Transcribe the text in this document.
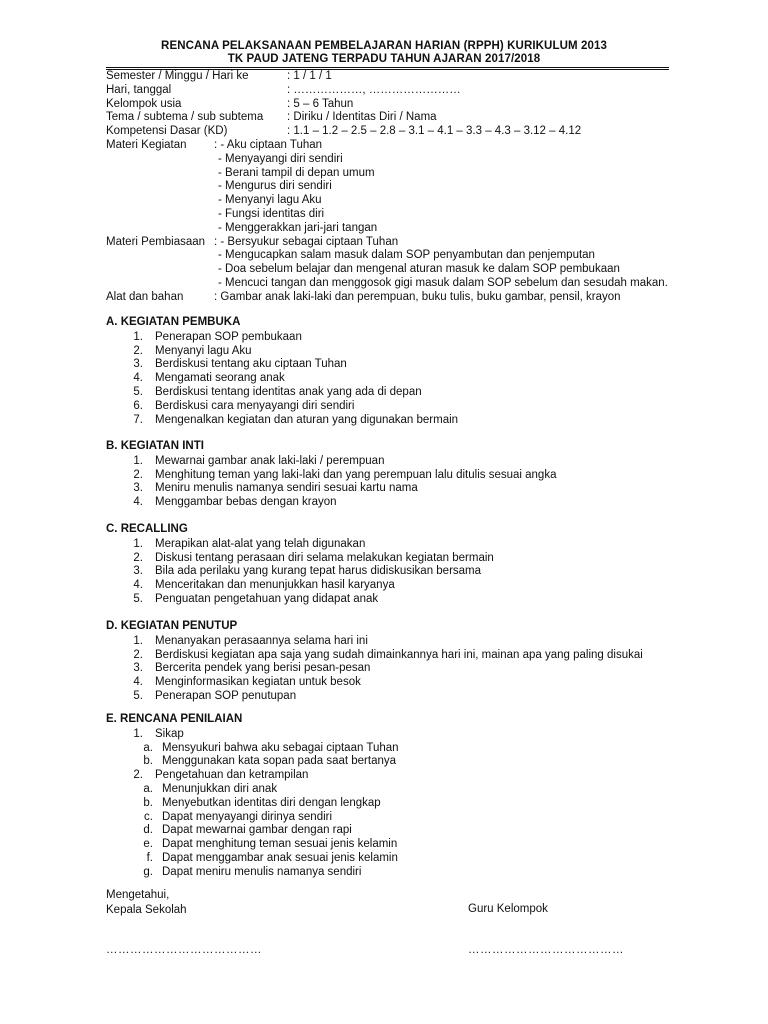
RENCANA PELAKSANAAN PEMBELAJARAN HARIAN (RPPH) KURIKULUM 2013
TK PAUD JATENG TERPADU TAHUN AJARAN 2017/2018
Semester / Minggu / Hari ke	: 1 / 1 / 1
Hari, tanggal	: ………………, ……………………
Kelompok usia	: 5 – 6 Tahun
Tema / subtema / sub subtema	: Diriku / Identitas Diri / Nama
Kompetensi Dasar (KD)	: 1.1 – 1.2 – 2.5 – 2.8 – 3.1 – 4.1 – 3.3 – 4.3 – 3.12 – 4.12
Materi Kegiatan	: - Aku ciptaan Tuhan
- Menyayangi diri sendiri
- Berani tampil di depan umum
- Mengurus diri sendiri
- Menyanyi lagu Aku
- Fungsi identitas diri
- Menggerakkan jari-jari tangan
Materi Pembiasaan : - Bersyukur sebagai ciptaan Tuhan
- Mengucapkan salam masuk dalam SOP penyambutan dan penjemputan
- Doa sebelum belajar dan mengenal aturan masuk ke dalam SOP pembukaan
- Mencuci tangan dan menggosok gigi masuk dalam SOP sebelum dan sesudah makan.
Alat dan bahan	: Gambar anak laki-laki dan perempuan, buku tulis, buku gambar, pensil, krayon
A. KEGIATAN PEMBUKA
1.	Penerapan SOP pembukaan
2.	Menyanyi lagu Aku
3.	Berdiskusi tentang aku ciptaan Tuhan
4.	Mengamati seorang anak
5.	Berdiskusi tentang identitas anak yang ada di depan
6.	Berdiskusi cara menyayangi diri sendiri
7.	Mengenalkan kegiatan dan aturan yang digunakan bermain
B. KEGIATAN INTI
1.	Mewarnai gambar anak laki-laki / perempuan
2.	Menghitung teman yang laki-laki dan yang perempuan lalu ditulis sesuai angka
3.	Meniru menulis namanya sendiri sesuai kartu nama
4.	Menggambar bebas dengan krayon
C. RECALLING
1.	Merapikan alat-alat yang telah digunakan
2.	Diskusi tentang perasaan diri selama melakukan kegiatan bermain
3.	Bila ada perilaku yang kurang tepat harus didiskusikan bersama
4.	Menceritakan dan menunjukkan hasil karyanya
5.	Penguatan pengetahuan yang didapat anak
D. KEGIATAN PENUTUP
1.	Menanyakan perasaannya selama hari ini
2.	Berdiskusi kegiatan apa saja yang sudah dimainkannya hari ini, mainan apa yang paling disukai
3.	Bercerita pendek yang berisi pesan-pesan
4.	Menginformasikan kegiatan untuk besok
5.	Penerapan SOP penutupan
E. RENCANA PENILAIAN
1.	Sikap
a. Mensyukuri bahwa aku sebagai ciptaan Tuhan
b. Menggunakan kata sopan pada saat bertanya
2.	Pengetahuan dan ketrampilan
a. Menunjukkan diri anak
b. Menyebutkan identitas diri dengan lengkap
c. Dapat menyayangi dirinya sendiri
d. Dapat mewarnai gambar dengan rapi
e. Dapat menghitung teman sesuai jenis kelamin
f. Dapat menggambar anak sesuai jenis kelamin
g. Dapat meniru menulis namanya sendiri
Mengetahui,
Kepala Sekolah	Guru Kelompok
…………………………………	…………………………………
